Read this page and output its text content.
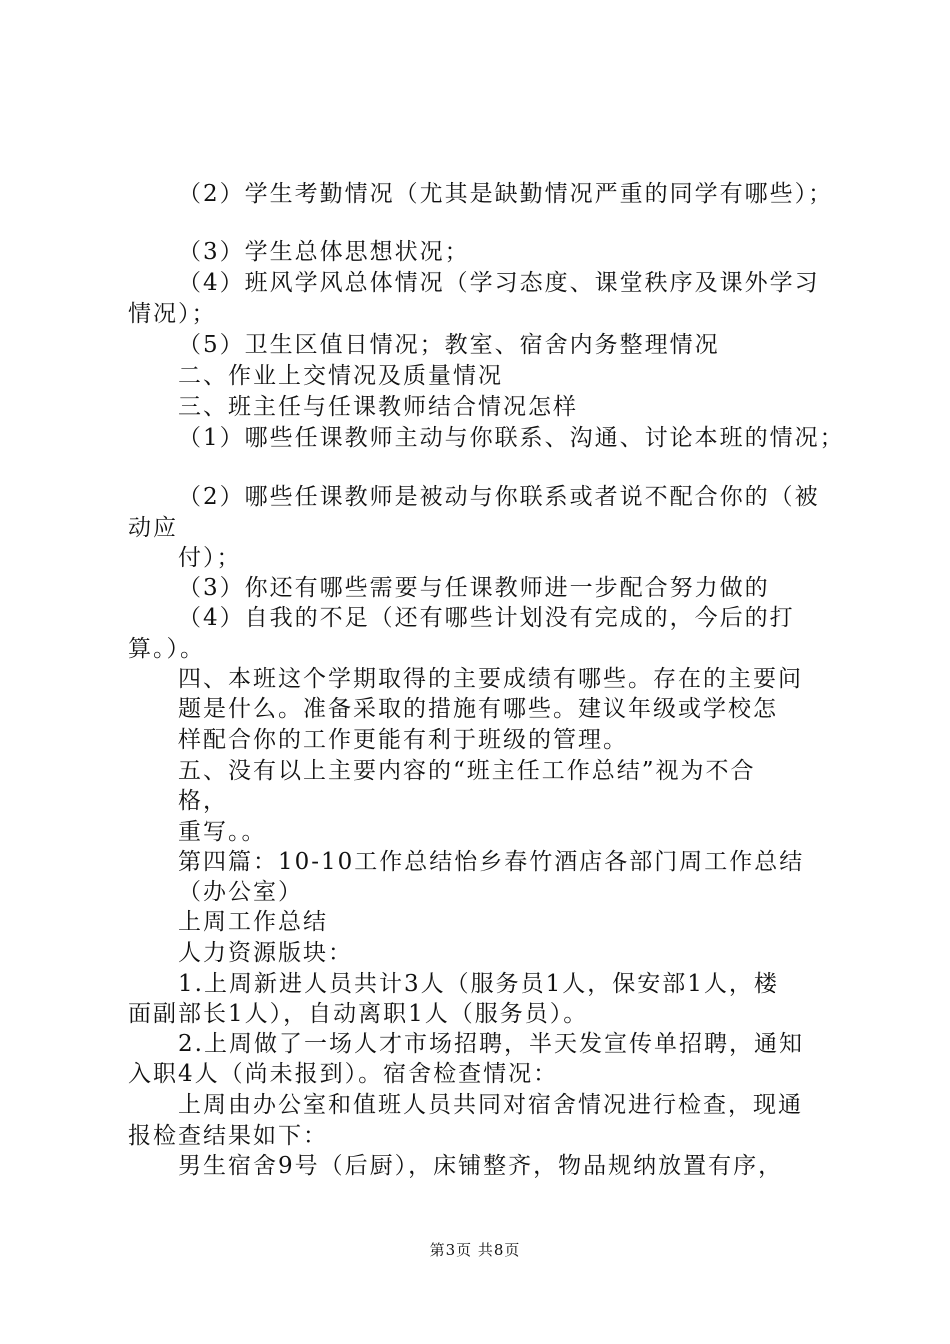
（2）学生考勤情况（尤其是缺勤情况严重的同学有哪些）；
（3）学生总体思想状况；
（4）班风学风总体情况（学习态度、课堂秩序及课外学习
情况）；
（5）卫生区值日情况；教室、宿舍内务整理情况
二、作业上交情况及质量情况
三、班主任与任课教师结合情况怎样
（1）哪些任课教师主动与你联系、沟通、讨论本班的情况；
（2）哪些任课教师是被动与你联系或者说不配合你的（被
动应
付）；
（3）你还有哪些需要与任课教师进一步配合努力做的
（4）自我的不足（还有哪些计划没有完成的，今后的打
算。）。
四、本班这个学期取得的主要成绩有哪些。存在的主要问
题是什么。准备采取的措施有哪些。建议年级或学校怎
样配合你的工作更能有利于班级的管理。
五、没有以上主要内容的“班主任工作总结”视为不合
格，
重写。。
第四篇：10-10工作总结怡乡春竹酒店各部门周工作总结
（办公室）
上周工作总结
人力资源版块：
1.上周新进人员共计3人（服务员1人，保安部1人，楼
面副部长1人），自动离职1人（服务员）。
2.上周做了一场人才市场招聘，半天发宣传单招聘，通知
入职4人（尚未报到）。宿舍检查情况：
上周由办公室和值班人员共同对宿舍情况进行检查，现通
报检查结果如下：
男生宿舍9号（后厨），床铺整齐，物品规纳放置有序，
第3页 共8页
